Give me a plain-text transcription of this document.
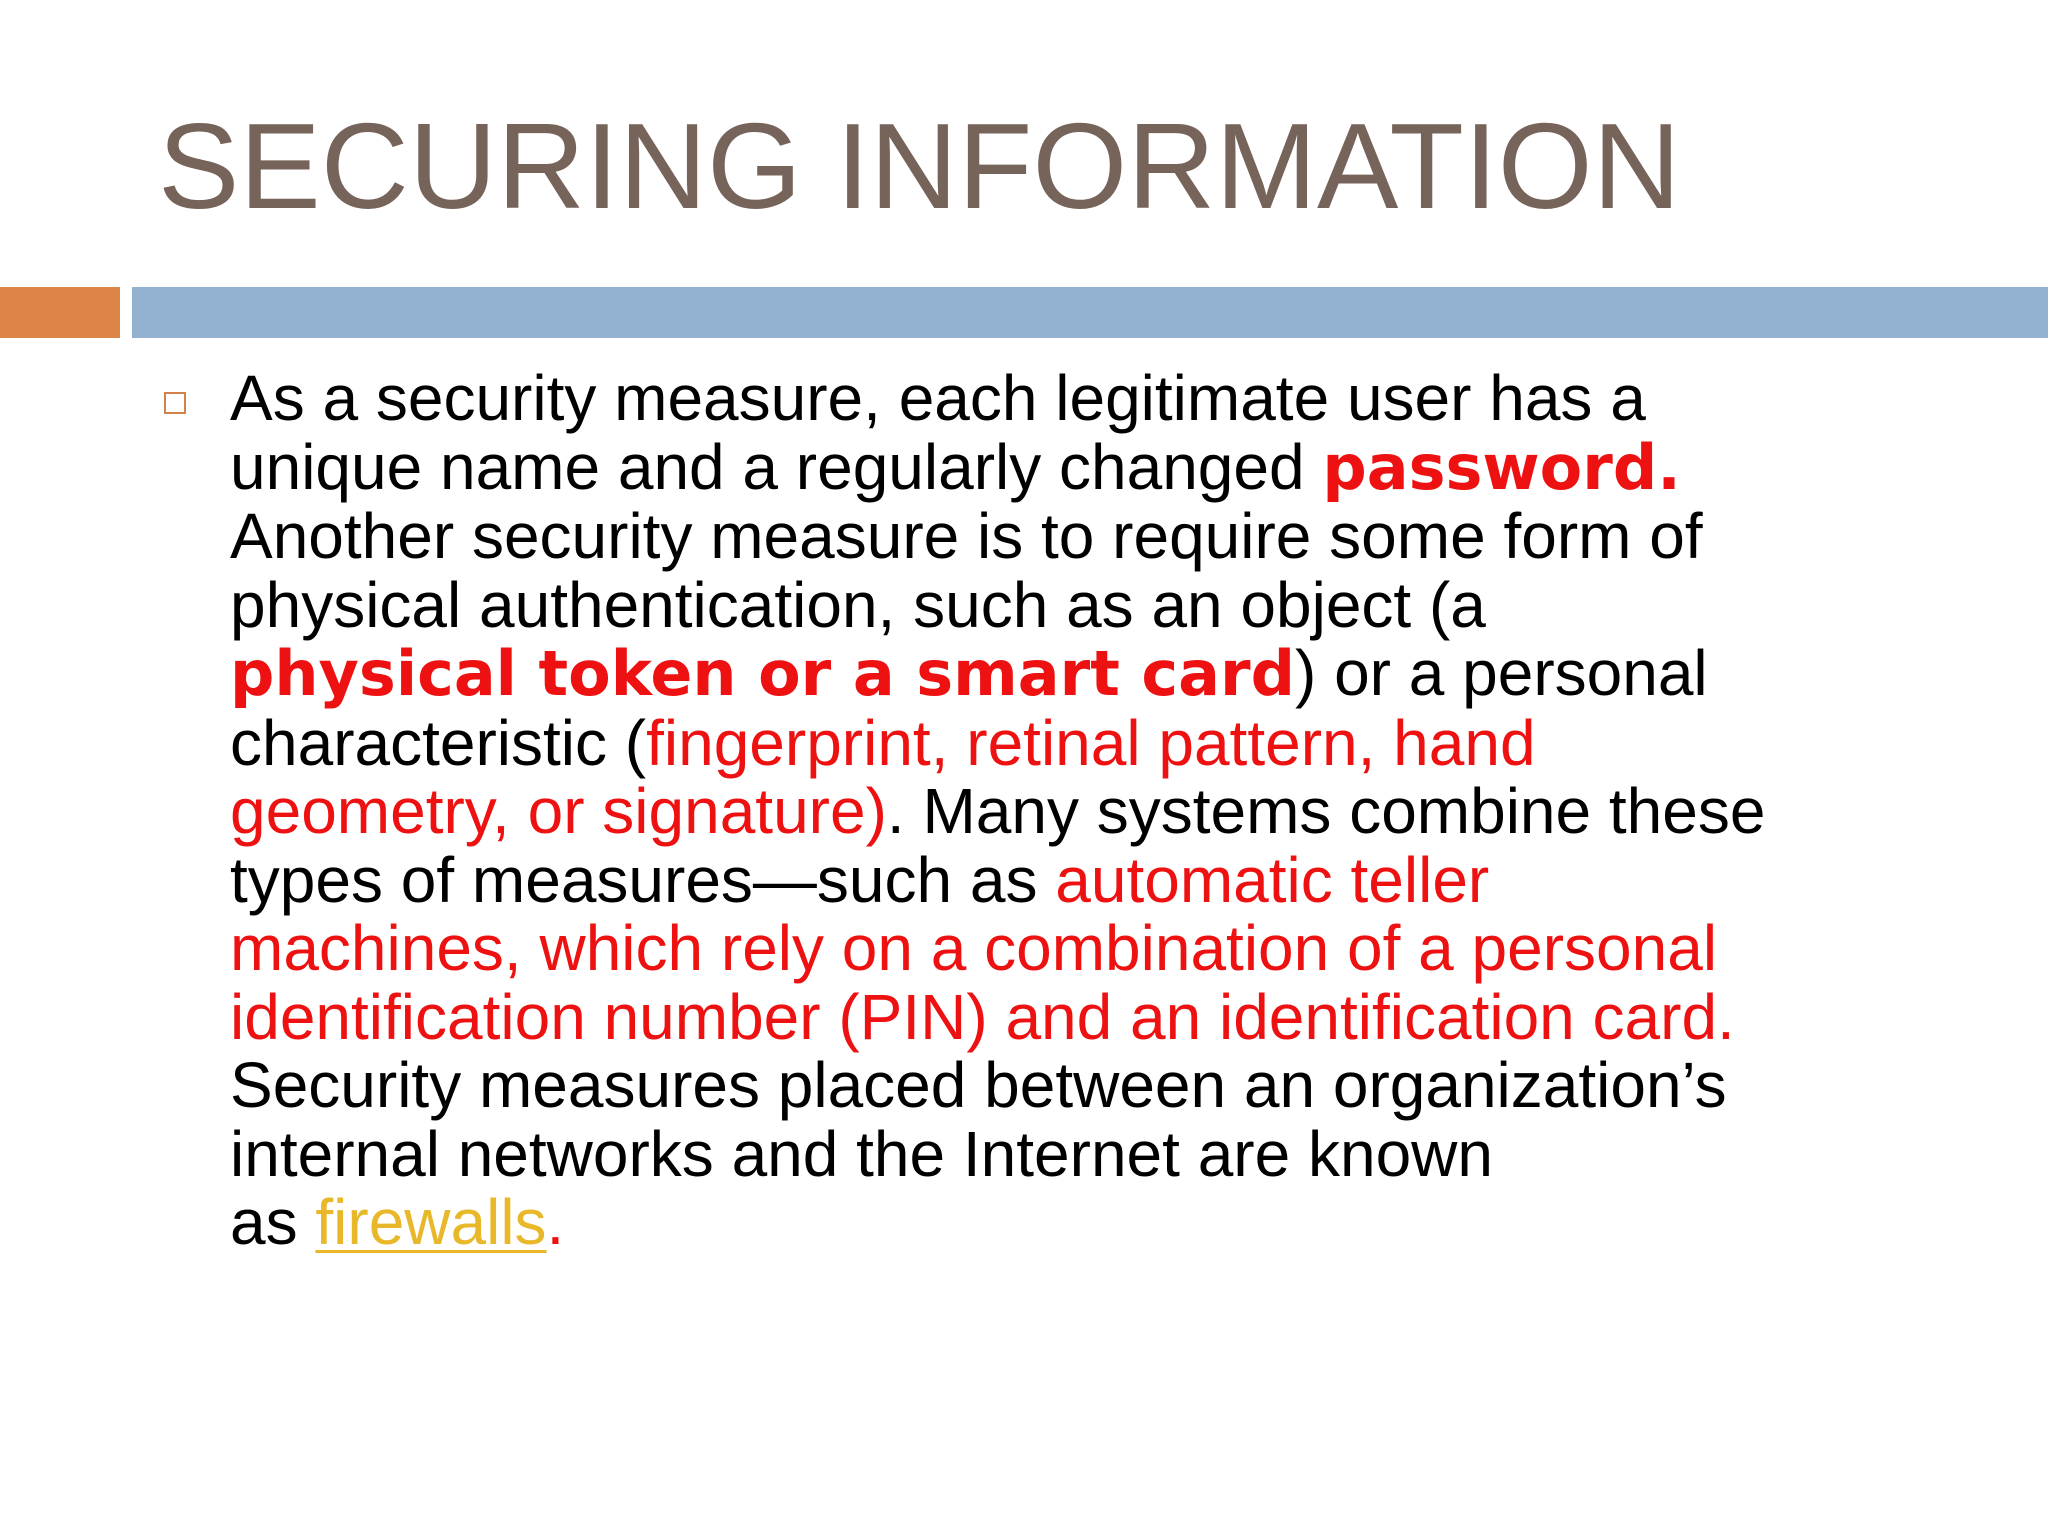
SECURING INFORMATION
As a security measure, each legitimate user has a
unique name and a regularly changed password.
Another security measure is to require some form of
physical authentication, such as an object (a
physical token or a smart card) or a personal
characteristic (fingerprint, retinal pattern, hand
geometry, or signature). Many systems combine these
types of measures—such as automatic teller
machines, which rely on a combination of a personal
identification number (PIN) and an identification card.
Security measures placed between an organization’s
internal networks and the Internet are known
as firewalls.
